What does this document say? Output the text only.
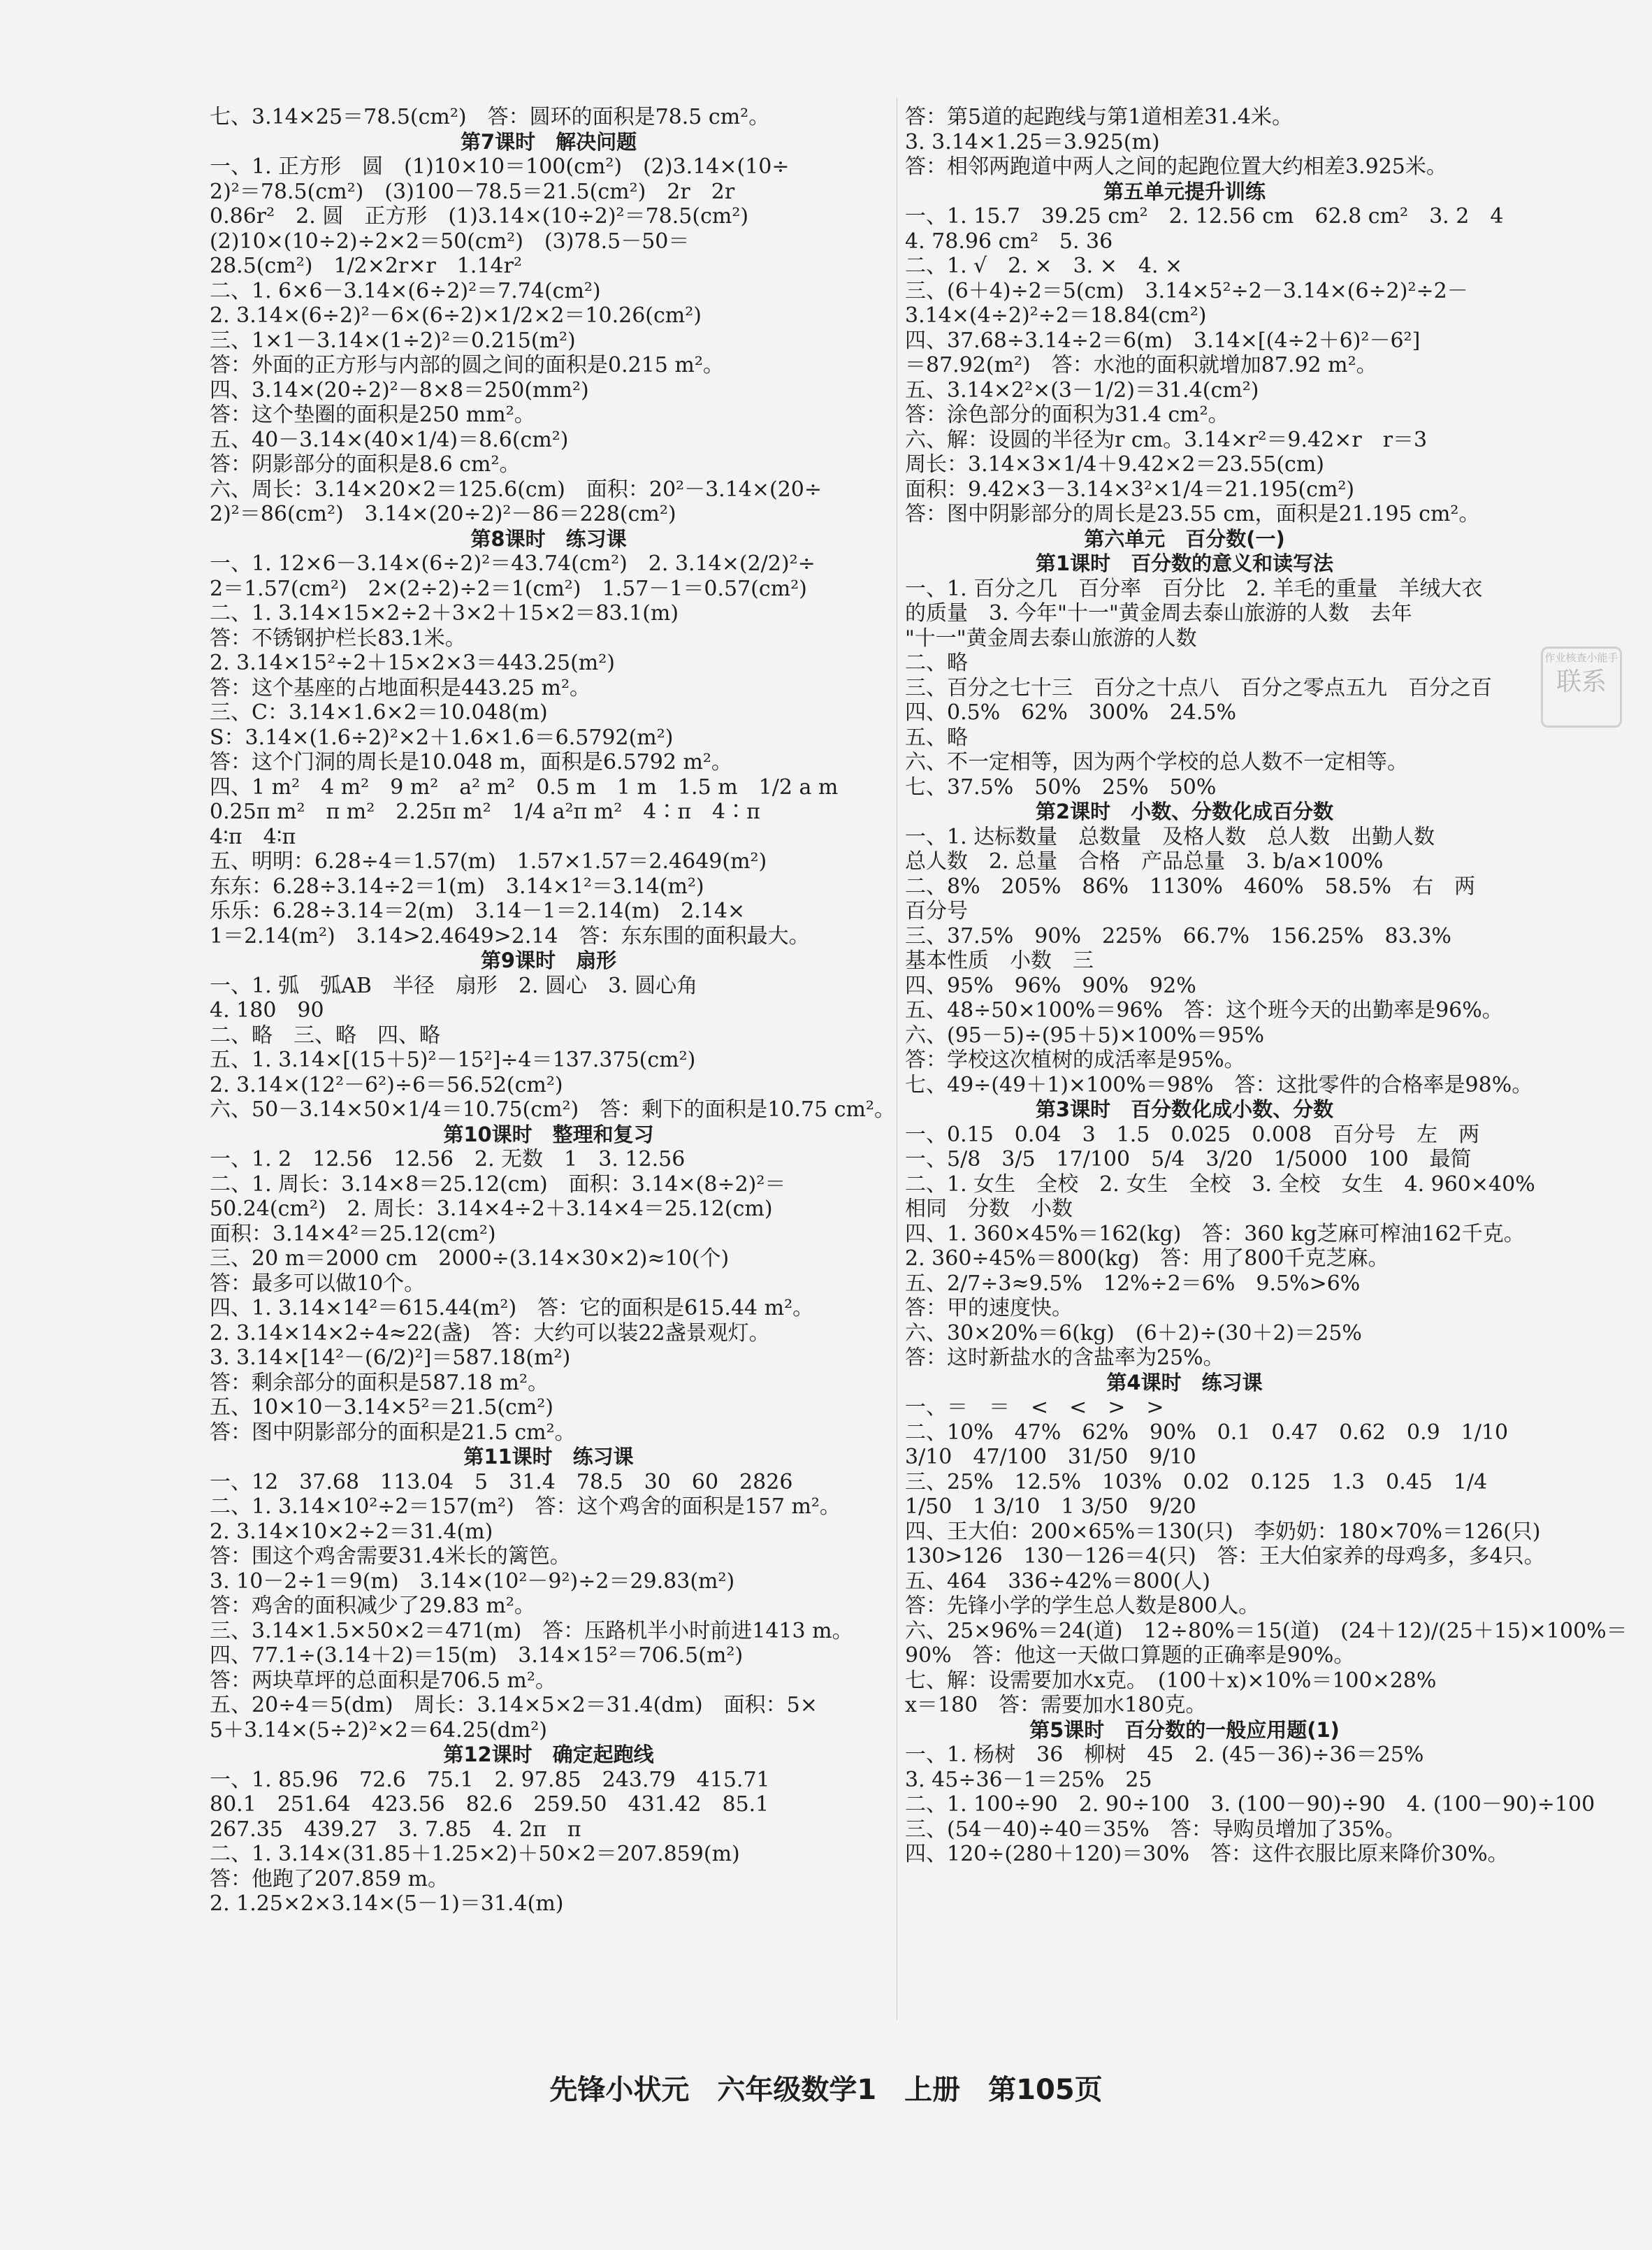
七、3.14×25＝78.5(cm²)　答：圆环的面积是78.5 cm²。
第7课时　解决问题
一、1. 正方形　圆　(1)10×10＝100(cm²)　(2)3.14×(10÷
2)²＝78.5(cm²)　(3)100－78.5＝21.5(cm²)　2r　2r
0.86r²　2. 圆　正方形　(1)3.14×(10÷2)²＝78.5(cm²)
(2)10×(10÷2)÷2×2＝50(cm²)　(3)78.5－50＝
28.5(cm²)　1/2×2r×r　1.14r²
二、1. 6×6－3.14×(6÷2)²＝7.74(cm²)
2. 3.14×(6÷2)²－6×(6÷2)×1/2×2＝10.26(cm²)
三、1×1－3.14×(1÷2)²＝0.215(m²)
答：外面的正方形与内部的圆之间的面积是0.215 m²。
四、3.14×(20÷2)²－8×8＝250(mm²)
答：这个垫圈的面积是250 mm²。
五、40－3.14×(40×1/4)＝8.6(cm²)
答：阴影部分的面积是8.6 cm²。
六、周长：3.14×20×2＝125.6(cm)　面积：20²－3.14×(20÷
2)²＝86(cm²)　3.14×(20÷2)²－86＝228(cm²)
第8课时　练习课
一、1. 12×6－3.14×(6÷2)²＝43.74(cm²)　2. 3.14×(2/2)²÷
2＝1.57(cm²)　2×(2÷2)÷2＝1(cm²)　1.57－1＝0.57(cm²)
二、1. 3.14×15×2÷2＋3×2＋15×2＝83.1(m)
答：不锈钢护栏长83.1米。
2. 3.14×15²÷2＋15×2×3＝443.25(m²)
答：这个基座的占地面积是443.25 m²。
三、C：3.14×1.6×2＝10.048(m)
S：3.14×(1.6÷2)²×2＋1.6×1.6＝6.5792(m²)
答：这个门洞的周长是10.048 m，面积是6.5792 m²。
四、1 m²　4 m²　9 m²　a² m²　0.5 m　1 m　1.5 m　1/2 a m
0.25π m²　π m²　2.25π m²　1/4 a²π m²　4∶π　4∶π
4∶π　4∶π
五、明明：6.28÷4＝1.57(m)　1.57×1.57＝2.4649(m²)
东东：6.28÷3.14÷2＝1(m)　3.14×1²＝3.14(m²)
乐乐：6.28÷3.14＝2(m)　3.14－1＝2.14(m)　2.14×
1＝2.14(m²)　3.14>2.4649>2.14　答：东东围的面积最大。
第9课时　扇形
一、1. 弧　弧AB　半径　扇形　2. 圆心　3. 圆心角
4. 180　90
二、略　三、略　四、略
五、1. 3.14×[(15＋5)²－15²]÷4＝137.375(cm²)
2. 3.14×(12²－6²)÷6＝56.52(cm²)
六、50－3.14×50×1/4＝10.75(cm²)　答：剩下的面积是10.75 cm²。
第10课时　整理和复习
一、1. 2　12.56　12.56　2. 无数　1　3. 12.56
二、1. 周长：3.14×8＝25.12(cm)　面积：3.14×(8÷2)²＝
50.24(cm²)　2. 周长：3.14×4÷2＋3.14×4＝25.12(cm)
面积：3.14×4²＝25.12(cm²)
三、20 m＝2000 cm　2000÷(3.14×30×2)≈10(个)
答：最多可以做10个。
四、1. 3.14×14²＝615.44(m²)　答：它的面积是615.44 m²。
2. 3.14×14×2÷4≈22(盏)　答：大约可以装22盏景观灯。
3. 3.14×[14²－(6/2)²]＝587.18(m²)
答：剩余部分的面积是587.18 m²。
五、10×10－3.14×5²＝21.5(cm²)
答：图中阴影部分的面积是21.5 cm²。
第11课时　练习课
一、12　37.68　113.04　5　31.4　78.5　30　60　2826
二、1. 3.14×10²÷2＝157(m²)　答：这个鸡舍的面积是157 m²。
2. 3.14×10×2÷2＝31.4(m)
答：围这个鸡舍需要31.4米长的篱笆。
3. 10－2÷1＝9(m)　3.14×(10²－9²)÷2＝29.83(m²)
答：鸡舍的面积减少了29.83 m²。
三、3.14×1.5×50×2＝471(m)　答：压路机半小时前进1413 m。
四、77.1÷(3.14＋2)＝15(m)　3.14×15²＝706.5(m²)
答：两块草坪的总面积是706.5 m²。
五、20÷4＝5(dm)　周长：3.14×5×2＝31.4(dm)　面积：5×
5＋3.14×(5÷2)²×2＝64.25(dm²)
第12课时　确定起跑线
一、1. 85.96　72.6　75.1　2. 97.85　243.79　415.71
80.1　251.64　423.56　82.6　259.50　431.42　85.1
267.35　439.27　3. 7.85　4. 2π　π
二、1. 3.14×(31.85＋1.25×2)＋50×2＝207.859(m)
答：他跑了207.859 m。
2. 1.25×2×3.14×(5－1)＝31.4(m)
答：第5道的起跑线与第1道相差31.4米。
3. 3.14×1.25＝3.925(m)
答：相邻两跑道中两人之间的起跑位置大约相差3.925米。
第五单元提升训练
一、1. 15.7　39.25 cm²　2. 12.56 cm　62.8 cm²　3. 2　4
4. 78.96 cm²　5. 36
二、1. √　2. ×　3. ×　4. ×
三、(6＋4)÷2＝5(cm)　3.14×5²÷2－3.14×(6÷2)²÷2－
3.14×(4÷2)²÷2＝18.84(cm²)
四、37.68÷3.14÷2＝6(m)　3.14×[(4÷2＋6)²－6²]
＝87.92(m²)　答：水池的面积就增加87.92 m²。
五、3.14×2²×(3－1/2)＝31.4(cm²)
答：涂色部分的面积为31.4 cm²。
六、解：设圆的半径为r cm。3.14×r²＝9.42×r　r＝3
周长：3.14×3×1/4＋9.42×2＝23.55(cm)
面积：9.42×3－3.14×3²×1/4＝21.195(cm²)
答：图中阴影部分的周长是23.55 cm，面积是21.195 cm²。
第六单元　百分数(一)
第1课时　百分数的意义和读写法
一、1. 百分之几　百分率　百分比　2. 羊毛的重量　羊绒大衣
的质量　3. 今年"十一"黄金周去泰山旅游的人数　去年
"十一"黄金周去泰山旅游的人数
二、略
三、百分之七十三　百分之十点八　百分之零点五九　百分之百
四、0.5%　62%　300%　24.5%
五、略
六、不一定相等，因为两个学校的总人数不一定相等。
七、37.5%　50%　25%　50%
第2课时　小数、分数化成百分数
一、1. 达标数量　总数量　及格人数　总人数　出勤人数
总人数　2. 总量　合格　产品总量　3. b/a×100%
二、8%　205%　86%　1130%　460%　58.5%　右　两
百分号
三、37.5%　90%　225%　66.7%　156.25%　83.3%
基本性质　小数　三
四、95%　96%　90%　92%
五、48÷50×100%＝96%　答：这个班今天的出勤率是96%。
六、(95－5)÷(95＋5)×100%＝95%
答：学校这次植树的成活率是95%。
七、49÷(49＋1)×100%＝98%　答：这批零件的合格率是98%。
第3课时　百分数化成小数、分数
一、0.15　0.04　3　1.5　0.025　0.008　百分号　左　两
一、5/8　3/5　17/100　5/4　3/20　1/5000　100　最简
二、1. 女生　全校　2. 女生　全校　3. 全校　女生　4. 960×40%
相同　分数　小数
四、1. 360×45%＝162(kg)　答：360 kg芝麻可榨油162千克。
2. 360÷45%＝800(kg)　答：用了800千克芝麻。
五、2/7÷3≈9.5%　12%÷2＝6%　9.5%>6%
答：甲的速度快。
六、30×20%＝6(kg)　(6＋2)÷(30＋2)＝25%
答：这时新盐水的含盐率为25%。
第4课时　练习课
一、＝　＝　<　<　>　>
二、10%　47%　62%　90%　0.1　0.47　0.62　0.9　1/10
3/10　47/100　31/50　9/10
三、25%　12.5%　103%　0.02　0.125　1.3　0.45　1/4
1/50　1 3/10　1 3/50　9/20
四、王大伯：200×65%＝130(只)　李奶奶：180×70%＝126(只)
130>126　130－126＝4(只)　答：王大伯家养的母鸡多，多4只。
五、464　336÷42%＝800(人)
答：先锋小学的学生总人数是800人。
六、25×96%＝24(道)　12÷80%＝15(道)　(24＋12)/(25＋15)×100%＝
90%　答：他这一天做口算题的正确率是90%。
七、解：设需要加水x克。　(100＋x)×10%＝100×28%
x＝180　答：需要加水180克。
第5课时　百分数的一般应用题(1)
一、1. 杨树　36　柳树　45　2. (45－36)÷36＝25%
3. 45÷36－1＝25%　25
二、1. 100÷90　2. 90÷100　3. (100－90)÷90　4. (100－90)÷100
三、(54－40)÷40＝35%　答：导购员增加了35%。
四、120÷(280＋120)＝30%　答：这件衣服比原来降价30%。
作业核查小能手
联系
先锋小状元　六年级数学1　上册　第105页
